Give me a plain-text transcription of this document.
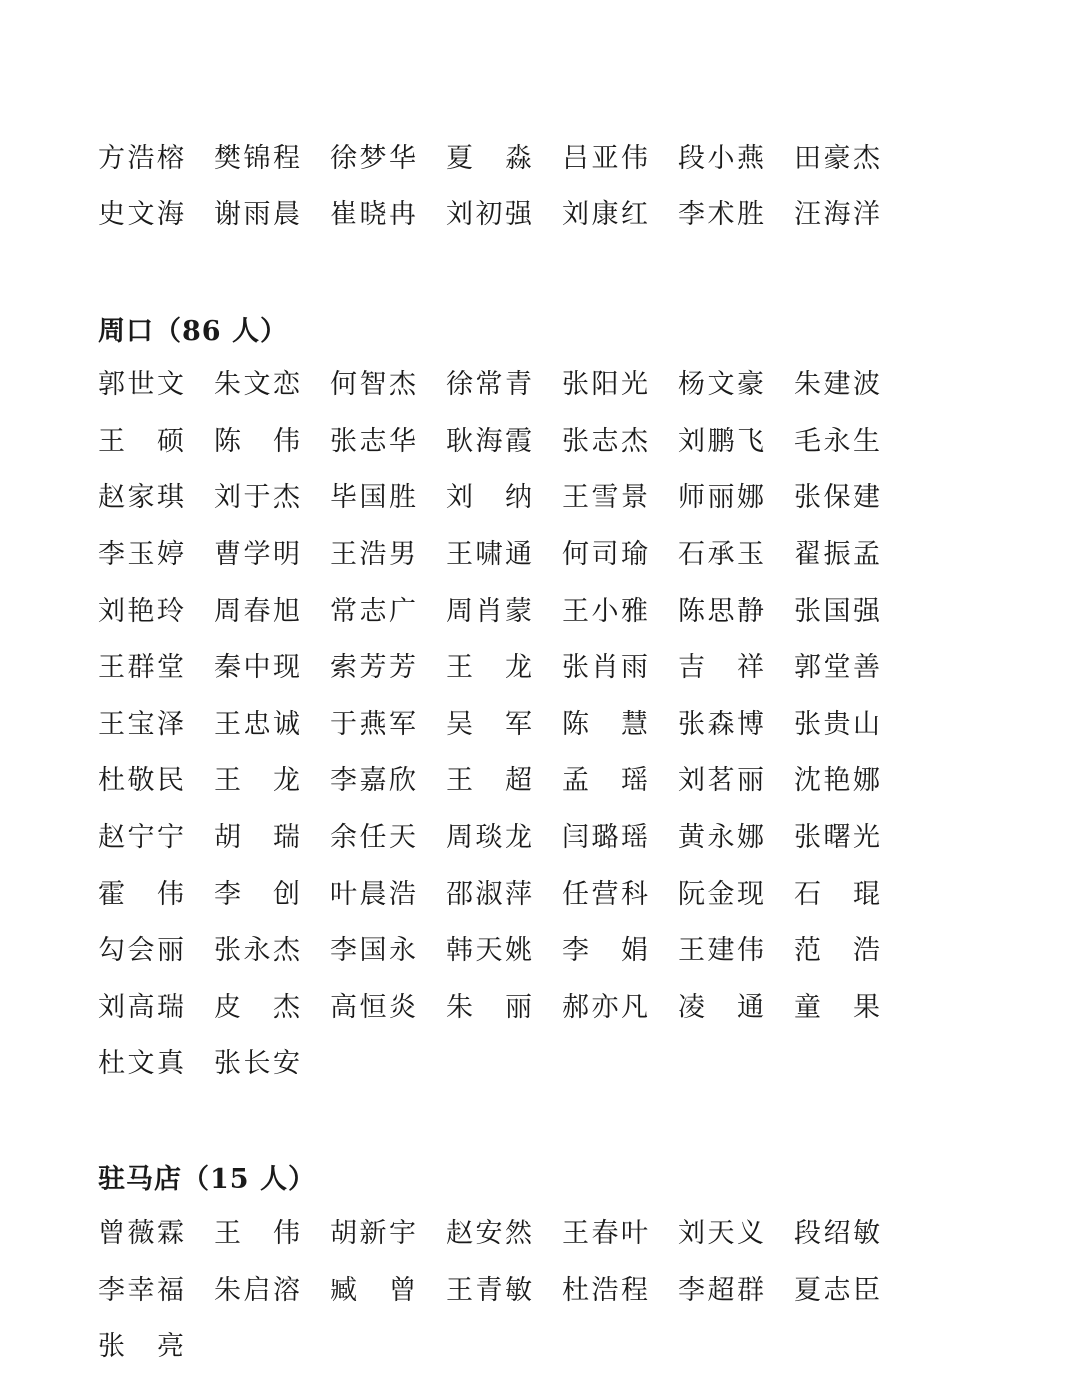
方浩榕 樊锦程 徐梦华 夏　淼 吕亚伟 段小燕 田豪杰
史文海 谢雨晨 崔晓冉 刘初强 刘康红 李术胜 汪海洋
周口（86 人）
郭世文 朱文恋 何智杰 徐常青 张阳光 杨文豪 朱建波
王　硕 陈　伟 张志华 耿海霞 张志杰 刘鹏飞 毛永生
赵家琪 刘于杰 毕国胜 刘　纳 王雪景 师丽娜 张保建
李玉婷 曹学明 王浩男 王啸通 何司瑜 石承玉 翟振孟
刘艳玲 周春旭 常志广 周肖蒙 王小雅 陈思静 张国强
王群堂 秦中现 索芳芳 王　龙 张肖雨 吉　祥 郭堂善
王宝泽 王忠诚 于燕军 吴　军 陈　慧 张森博 张贵山
杜敬民 王　龙 李嘉欣 王　超 孟　瑶 刘茗丽 沈艳娜
赵宁宁 胡　瑞 余任天 周琰龙 闫璐瑶 黄永娜 张曙光
霍　伟 李　创 叶晨浩 邵淑萍 任营科 阮金现 石　琨
勾会丽 张永杰 李国永 韩天姚 李　娟 王建伟 范　浩
刘高瑞 皮　杰 高恒炎 朱　丽 郝亦凡 凌　通 童　果
杜文真 张长安
驻马店（15 人）
曾薇霖 王　伟 胡新宇 赵安然 王春叶 刘天义 段绍敏
李幸福 朱启溶 臧　曾 王青敏 杜浩程 李超群 夏志臣
张　亮
